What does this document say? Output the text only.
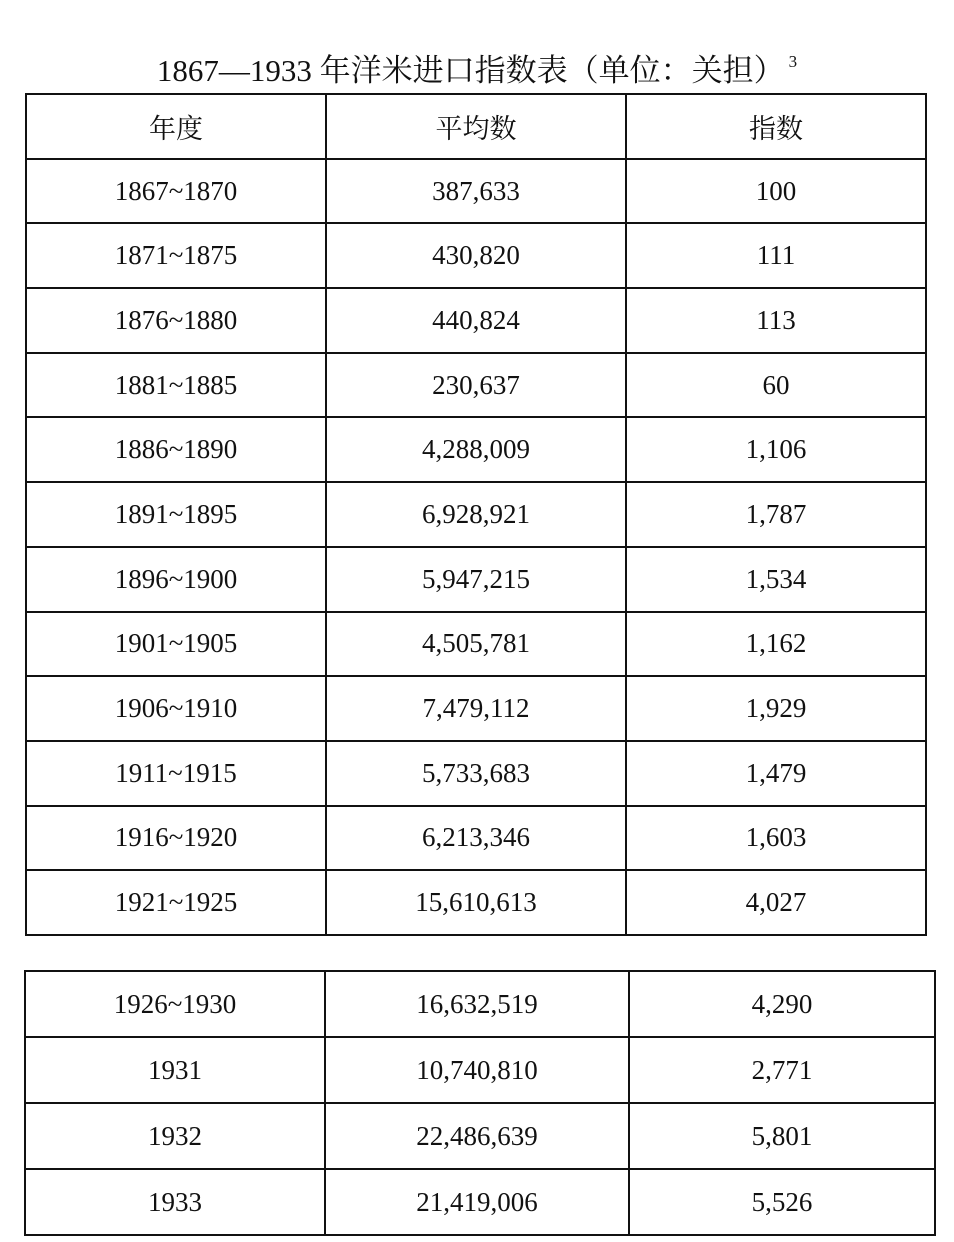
1867—1933 年洋米进口指数表（单位：关担） $^3$
年度	平均数	指数
1867~1870	387,633	100
1871~1875	430,820	111
1876~1880	440,824	113
1881~1885	230,637	60
1886~1890	4,288,009	1,106
1891~1895	6,928,921	1,787
1896~1900	5,947,215	1,534
1901~1905	4,505,781	1,162
1906~1910	7,479,112	1,929
1911~1915	5,733,683	1,479
1916~1920	6,213,346	1,603
1921~1925	15,610,613	4,027
1926~1930	16,632,519	4,290
1931	10,740,810	2,771
1932	22,486,639	5,801
1933	21,419,006	5,526
